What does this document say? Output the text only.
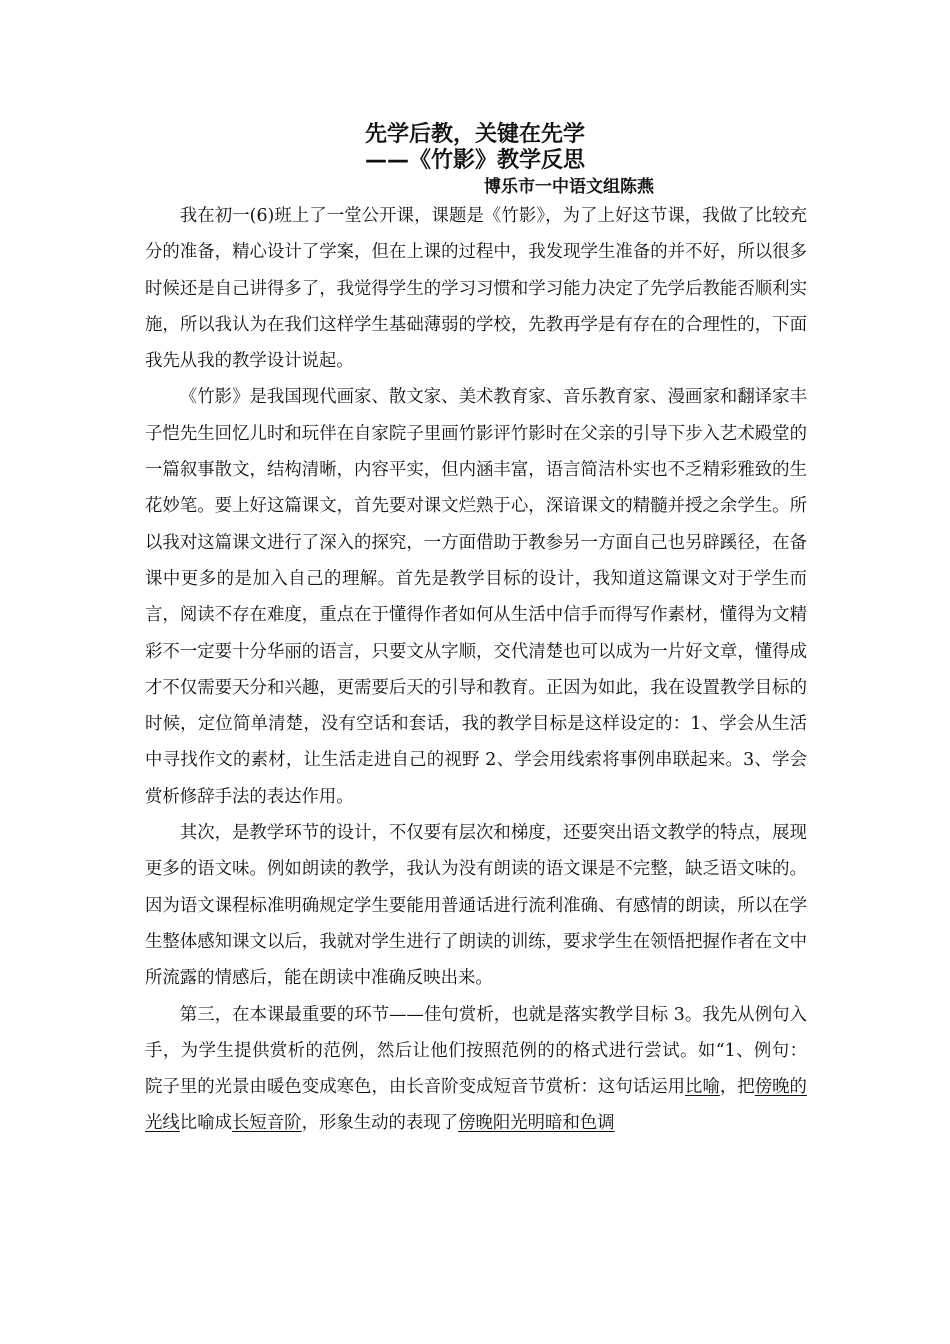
先学后教，关键在先学
——《竹影》教学反思
博乐市一中语文组陈燕

我在初一(6)班上了一堂公开课，课题是《竹影》，为了上好这节课，我做了比较充分的准备，精心设计了学案，但在上课的过程中，我发现学生准备的并不好，所以很多时候还是自己讲得多了，我觉得学生的学习习惯和学习能力决定了先学后教能否顺利实施，所以我认为在我们这样学生基础薄弱的学校，先教再学是有存在的合理性的，下面我先从我的教学设计说起。

《竹影》是我国现代画家、散文家、美术教育家、音乐教育家、漫画家和翻译家丰子恺先生回忆儿时和玩伴在自家院子里画竹影评竹影时在父亲的引导下步入艺术殿堂的一篇叙事散文，结构清晰，内容平实，但内涵丰富，语言简洁朴实也不乏精彩雅致的生花妙笔。要上好这篇课文，首先要对课文烂熟于心，深谙课文的精髓并授之余学生。所以我对这篇课文进行了深入的探究，一方面借助于教参另一方面自己也另辟蹊径，在备课中更多的是加入自己的理解。首先是教学目标的设计，我知道这篇课文对于学生而言，阅读不存在难度，重点在于懂得作者如何从生活中信手而得写作素材，懂得为文精彩不一定要十分华丽的语言，只要文从字顺，交代清楚也可以成为一片好文章，懂得成才不仅需要天分和兴趣，更需要后天的引导和教育。正因为如此，我在设置教学目标的时候，定位简单清楚，没有空话和套话，我的教学目标是这样设定的：1、学会从生活中寻找作文的素材，让生活走进自己的视野 2、学会用线索将事例串联起来。3、学会赏析修辞手法的表达作用。

其次，是教学环节的设计，不仅要有层次和梯度，还要突出语文教学的特点，展现更多的语文味。例如朗读的教学，我认为没有朗读的语文课是不完整，缺乏语文味的。因为语文课程标准明确规定学生要能用普通话进行流利准确、有感情的朗读，所以在学生整体感知课文以后，我就对学生进行了朗读的训练，要求学生在领悟把握作者在文中所流露的情感后，能在朗读中准确反映出来。

第三，在本课最重要的环节——佳句赏析，也就是落实教学目标 3。我先从例句入手，为学生提供赏析的范例，然后让他们按照范例的的格式进行尝试。如“1、例句：院子里的光景由暖色变成寒色，由长音阶变成短音节赏析：这句话运用比喻，把傍晚的光线比喻成长短音阶，形象生动的表现了傍晚阳光明暗和色调
